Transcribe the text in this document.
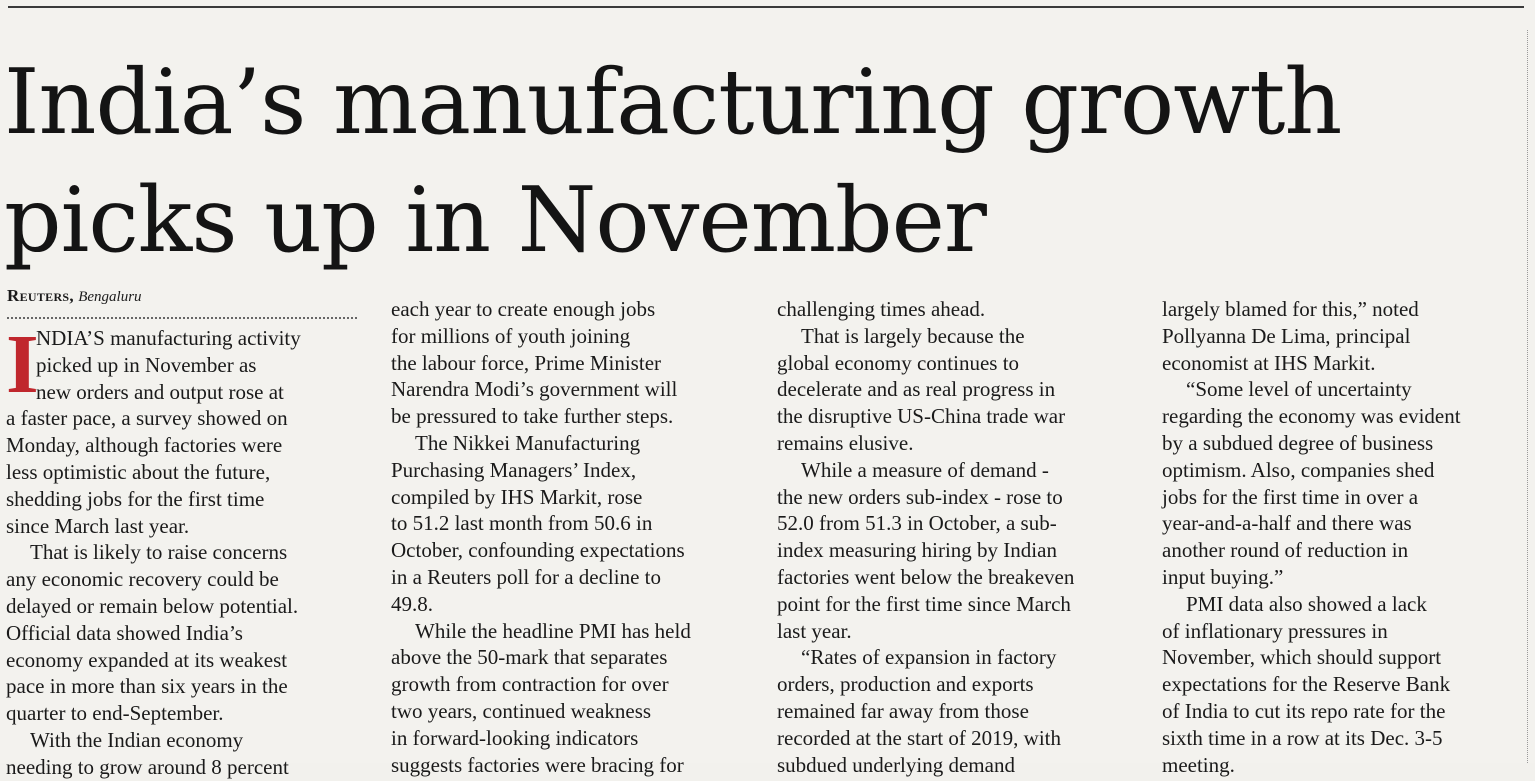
India’s manufacturing growth
picks up in November
Reuters, Bengaluru
I
NDIA’S manufacturing activity
picked up in November as
new orders and output rose at
a faster pace, a survey showed on
Monday, although factories were
less optimistic about the future,
shedding jobs for the first time
since March last year.
That is likely to raise concerns
any economic recovery could be
delayed or remain below potential.
Official data showed India’s
economy expanded at its weakest
pace in more than six years in the
quarter to end-September.
With the Indian economy
needing to grow around 8 percent
each year to create enough jobs
for millions of youth joining
the labour force, Prime Minister
Narendra Modi’s government will
be pressured to take further steps.
The Nikkei Manufacturing
Purchasing Managers’ Index,
compiled by IHS Markit, rose
to 51.2 last month from 50.6 in
October, confounding expectations
in a Reuters poll for a decline to
49.8.
While the headline PMI has held
above the 50-mark that separates
growth from contraction for over
two years, continued weakness
in forward-looking indicators
suggests factories were bracing for
challenging times ahead.
That is largely because the
global economy continues to
decelerate and as real progress in
the disruptive US-China trade war
remains elusive.
While a measure of demand -
the new orders sub-index - rose to
52.0 from 51.3 in October, a sub-
index measuring hiring by Indian
factories went below the breakeven
point for the first time since March
last year.
“Rates of expansion in factory
orders, production and exports
remained far away from those
recorded at the start of 2019, with
subdued underlying demand
largely blamed for this,” noted
Pollyanna De Lima, principal
economist at IHS Markit.
“Some level of uncertainty
regarding the economy was evident
by a subdued degree of business
optimism. Also, companies shed
jobs for the first time in over a
year-and-a-half and there was
another round of reduction in
input buying.”
PMI data also showed a lack
of inflationary pressures in
November, which should support
expectations for the Reserve Bank
of India to cut its repo rate for the
sixth time in a row at its Dec. 3-5
meeting.
